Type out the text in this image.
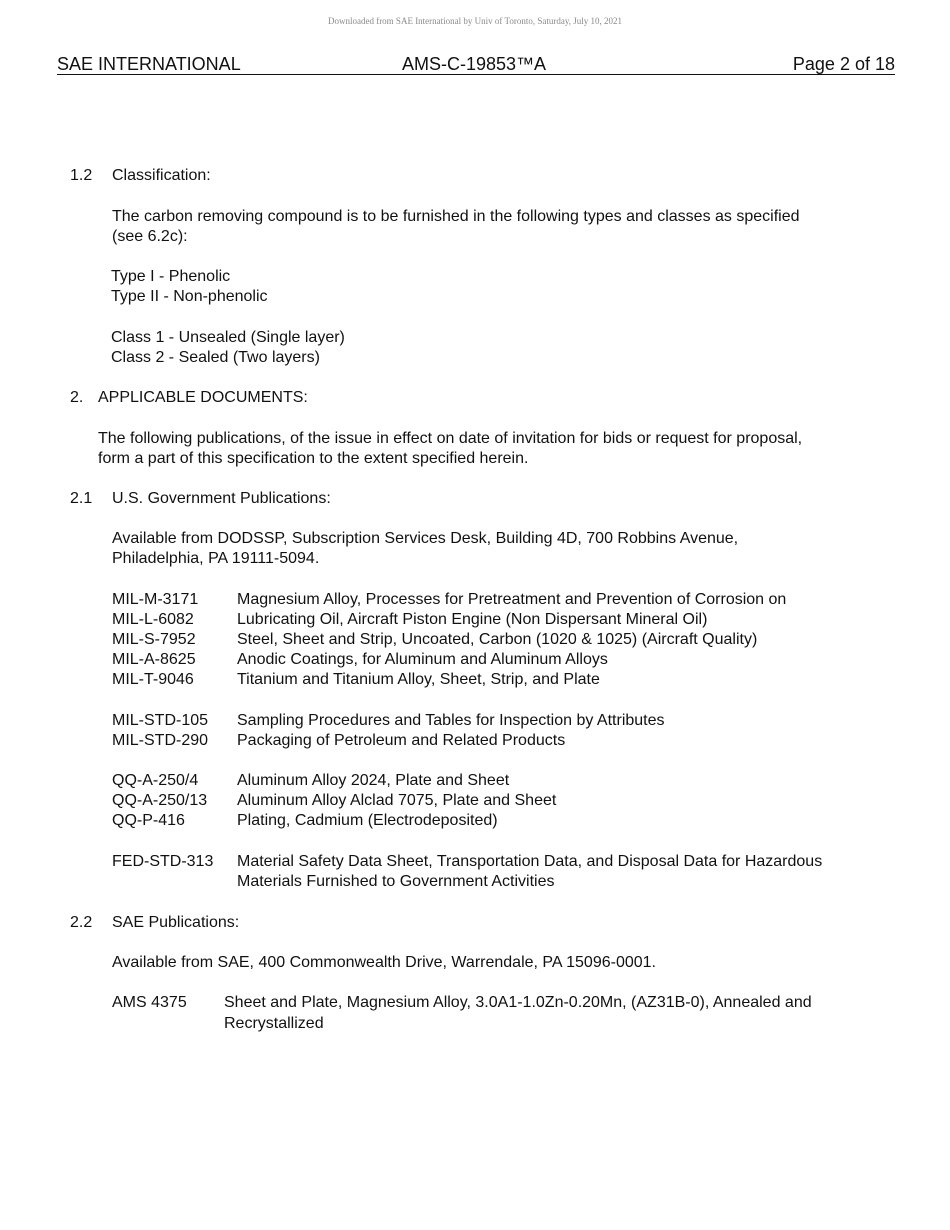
Downloaded from SAE International by Univ of Toronto, Saturday, July 10, 2021
SAE INTERNATIONAL	AMS-C-19853™A	Page 2 of 18
1.2 Classification:
The carbon removing compound is to be furnished in the following types and classes as specified
(see 6.2c):
Type I - Phenolic
Type II - Non-phenolic
Class 1 - Unsealed (Single layer)
Class 2 - Sealed (Two layers)
2. APPLICABLE DOCUMENTS:
The following publications, of the issue in effect on date of invitation for bids or request for proposal,
form a part of this specification to the extent specified herein.
2.1 U.S. Government Publications:
Available from DODSSP, Subscription Services Desk, Building 4D, 700 Robbins Avenue,
Philadelphia, PA 19111-5094.
MIL-M-3171 Magnesium Alloy, Processes for Pretreatment and Prevention of Corrosion on
MIL-L-6082	Lubricating Oil, Aircraft Piston Engine (Non Dispersant Mineral Oil)
MIL-S-7952	Steel, Sheet and Strip, Uncoated, Carbon (1020 & 1025) (Aircraft Quality)
MIL-A-8625	Anodic Coatings, for Aluminum and Aluminum Alloys
MIL-T-9046	Titanium and Titanium Alloy, Sheet, Strip, and Plate
MIL-STD-105 Sampling Procedures and Tables for Inspection by Attributes
MIL-STD-290 Packaging of Petroleum and Related Products
QQ-A-250/4 Aluminum Alloy 2024, Plate and Sheet
QQ-A-250/13 Aluminum Alloy Alclad 7075, Plate and Sheet
QQ-P-416	Plating, Cadmium (Electrodeposited)
FED-STD-313 Material Safety Data Sheet, Transportation Data, and Disposal Data for Hazardous
Materials Furnished to Government Activities
2.2 SAE Publications:
Available from SAE, 400 Commonwealth Drive, Warrendale, PA 15096-0001.
AMS 4375 Sheet and Plate, Magnesium Alloy, 3.0A1-1.0Zn-0.20Mn, (AZ31B-0), Annealed and
Recrystallized
